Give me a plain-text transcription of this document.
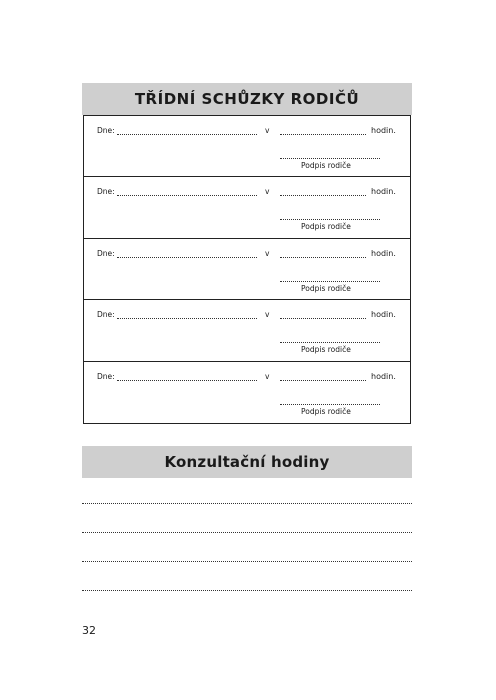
TŘÍDNÍ SCHŮZKY RODIČŮ
Dne:	v	hodin.
Podpis rodiče
Dne:	v	hodin.
Podpis rodiče
Dne:	v	hodin.
Podpis rodiče
Dne:	v	hodin.
Podpis rodiče
Dne:	v	hodin.
Podpis rodiče
Konzultační hodiny
32
